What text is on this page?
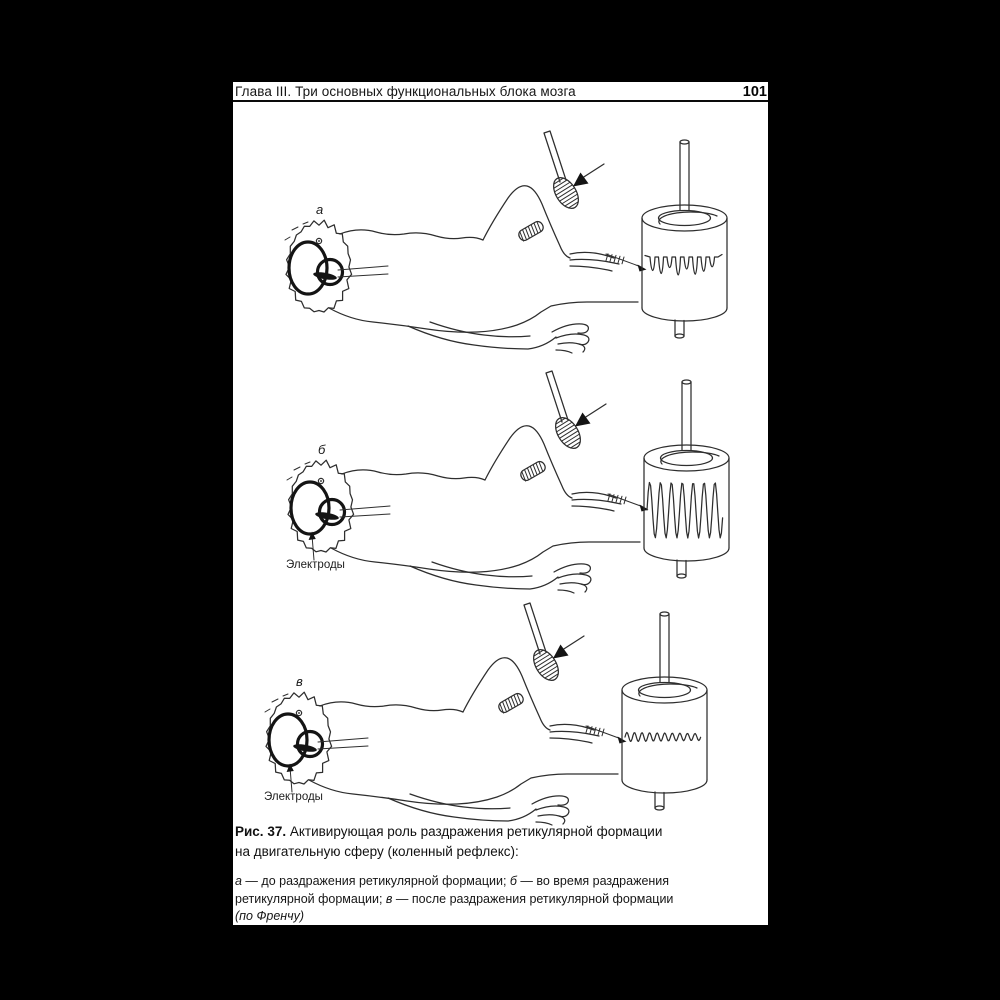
Глава III. Три основных функциональных блока мозга	101
а
б
Электроды
в
Электроды
Рис. 37. Активирующая роль раздражения ретикулярной формации
на двигательную сферу (коленный рефлекс):
а — до раздражения ретикулярной формации; б — во время раздражения
ретикулярной формации; в — после раздражения ретикулярной формации
(по Френчу)
